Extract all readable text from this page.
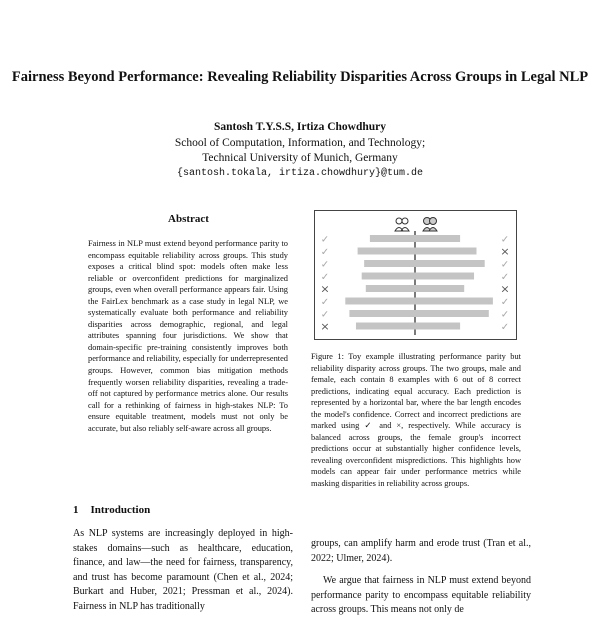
Fairness Beyond Performance: Revealing Reliability Disparities Across Groups in Legal NLP
Santosh T.Y.S.S, Irtiza Chowdhury
School of Computation, Information, and Technology;
Technical University of Munich, Germany
{santosh.tokala, irtiza.chowdhury}@tum.de
Abstract

Fairness in NLP must extend beyond performance parity to encompass equitable reliability across groups. This study exposes a critical blind spot: models often make less reliable or overconfident predictions for marginalized groups, even when overall performance appears fair. Using the FairLex benchmark as a case study in legal NLP, we systematically evaluate both performance and reliability disparities across demographic, regional, and legal attributes spanning four jurisdictions. We show that domain-specific pre-training consistently improves both performance and reliability, especially for underrepresented groups. However, common bias mitigation methods frequently worsen reliability disparities, revealing a trade-off not captured by performance metrics alone. Our results call for a rethinking of fairness in high-stakes NLP: To ensure equitable treatment, models must not only be accurate, but also reliably self-aware across all groups.

1 Introduction

As NLP systems are increasingly deployed in high-stakes domains—such as healthcare, education, finance, and law—the need for fairness, transparency, and trust has become paramount (Chen et al., 2024; Burkart and Huber, 2021; Pressman et al., 2024). Fairness in NLP has traditionally

✓	✓
✓	×
✓	✓
✓	✓
×	×
✓	✓
✓	✓
×	✓
Figure 1: Toy example illustrating performance parity but reliability disparity across groups. The two groups, male and female, each contain 8 examples with 6 out of 8 correct predictions, indicating equal accuracy. Each prediction is represented by a horizontal bar, where the bar length encodes the model's confidence. Correct and incorrect predictions are marked using ✓ and ×, respectively. While accuracy is balanced across groups, the female group's incorrect predictions occur at substantially higher confidence levels, revealing overconfident mispredictions. This highlights how models can appear fair under performance metrics while masking disparities in reliability across groups.

groups, can amplify harm and erode trust (Tran et al., 2022; Ulmer, 2024).

We argue that fairness in NLP must extend beyond performance parity to encompass equitable reliability across groups. This means not only de
